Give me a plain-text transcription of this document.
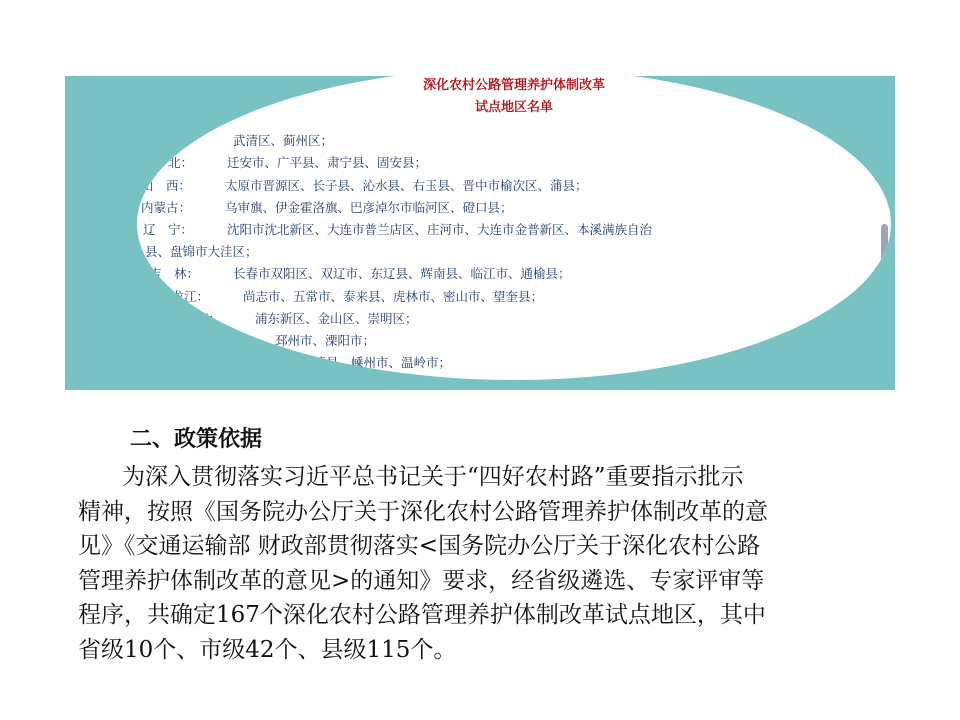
深化农村公路管理养护体制改革
试点地区名单
省（10个）：
天　津：	武清区、蓟州区；
河　北：	迁安市、广平县、肃宁县、固安县；
山　西：	太原市晋源区、长子县、沁水县、右玉县、晋中市榆次区、蒲县；
内蒙古：	乌审旗、伊金霍洛旗、巴彦淖尔市临河区、磴口县；
辽　宁：	沈阳市沈北新区、大连市普兰店区、庄河市、大连市金普新区、本溪满族自治
县、盘锦市大洼区；
吉　林：	长春市双阳区、双辽市、东辽县、辉南县、临江市、通榆县；
黑龙江：	尚志市、五常市、泰来县、虎林市、密山市、望奎县；
上　海：	浦东新区、金山区、崇明区；
江　苏：	邳州市、溧阳市；
浙　江：	德清县、嵊州市、温岭市；
二、政策依据
为深入贯彻落实习近平总书记关于“四好农村路”重要指示批示
精神，按照《国务院办公厅关于深化农村公路管理养护体制改革的意
见》《交通运输部 财政部贯彻落实<国务院办公厅关于深化农村公路
管理养护体制改革的意见>的通知》要求，经省级遴选、专家评审等
程序，共确定167个深化农村公路管理养护体制改革试点地区，其中
省级10个、市级42个、县级115个。
